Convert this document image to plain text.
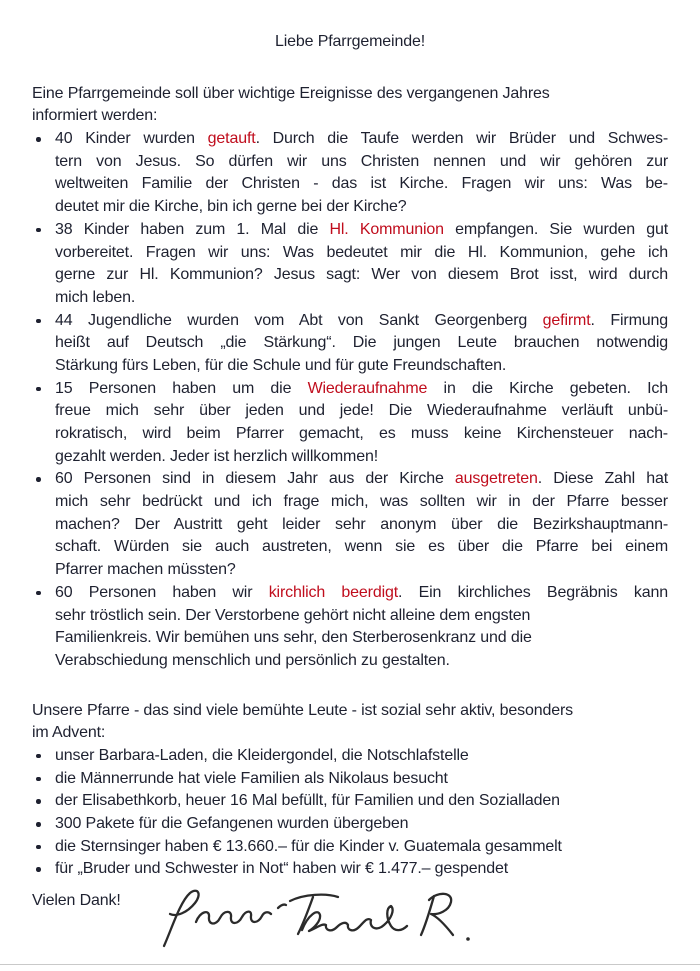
Liebe Pfarrgemeinde!
Eine Pfarrgemeinde soll über wichtige Ereignisse des vergangenen Jahres
informiert werden:
40 Kinder wurden getauft. Durch die Taufe werden wir Brüder und Schwes-
tern von Jesus. So dürfen wir uns Christen nennen und wir gehören zur
weltweiten Familie der Christen - das ist Kirche. Fragen wir uns: Was be-
deutet mir die Kirche, bin ich gerne bei der Kirche?
38 Kinder haben zum 1. Mal die Hl. Kommunion empfangen. Sie wurden gut
vorbereitet. Fragen wir uns: Was bedeutet mir die Hl. Kommunion, gehe ich
gerne zur Hl. Kommunion? Jesus sagt: Wer von diesem Brot isst, wird durch
mich leben.
44 Jugendliche wurden vom Abt von Sankt Georgenberg gefirmt. Firmung
heißt auf Deutsch „die Stärkung“. Die jungen Leute brauchen notwendig
Stärkung fürs Leben, für die Schule und für gute Freundschaften.
15 Personen haben um die Wiederaufnahme in die Kirche gebeten. Ich
freue mich sehr über jeden und jede! Die Wiederaufnahme verläuft unbü-
rokratisch, wird beim Pfarrer gemacht, es muss keine Kirchensteuer nach-
gezahlt werden. Jeder ist herzlich willkommen!
60 Personen sind in diesem Jahr aus der Kirche ausgetreten. Diese Zahl hat
mich sehr bedrückt und ich frage mich, was sollten wir in der Pfarre besser
machen? Der Austritt geht leider sehr anonym über die Bezirkshauptmann-
schaft. Würden sie auch austreten, wenn sie es über die Pfarre bei einem
Pfarrer machen müssten?
60 Personen haben wir kirchlich beerdigt. Ein kirchliches Begräbnis kann
sehr tröstlich sein. Der Verstorbene gehört nicht alleine dem engsten
Familienkreis. Wir bemühen uns sehr, den Sterberosenkranz und die
Verabschiedung menschlich und persönlich zu gestalten.
Unsere Pfarre - das sind viele bemühte Leute - ist sozial sehr aktiv, besonders
im Advent:
unser Barbara-Laden, die Kleidergondel, die Notschlafstelle
die Männerrunde hat viele Familien als Nikolaus besucht
der Elisabethkorb, heuer 16 Mal befüllt, für Familien und den Sozialladen
300 Pakete für die Gefangenen wurden übergeben
die Sternsinger haben € 13.660.– für die Kinder v. Guatemala gesammelt
für „Bruder und Schwester in Not“ haben wir € 1.477.– gespendet
Vielen Dank!
